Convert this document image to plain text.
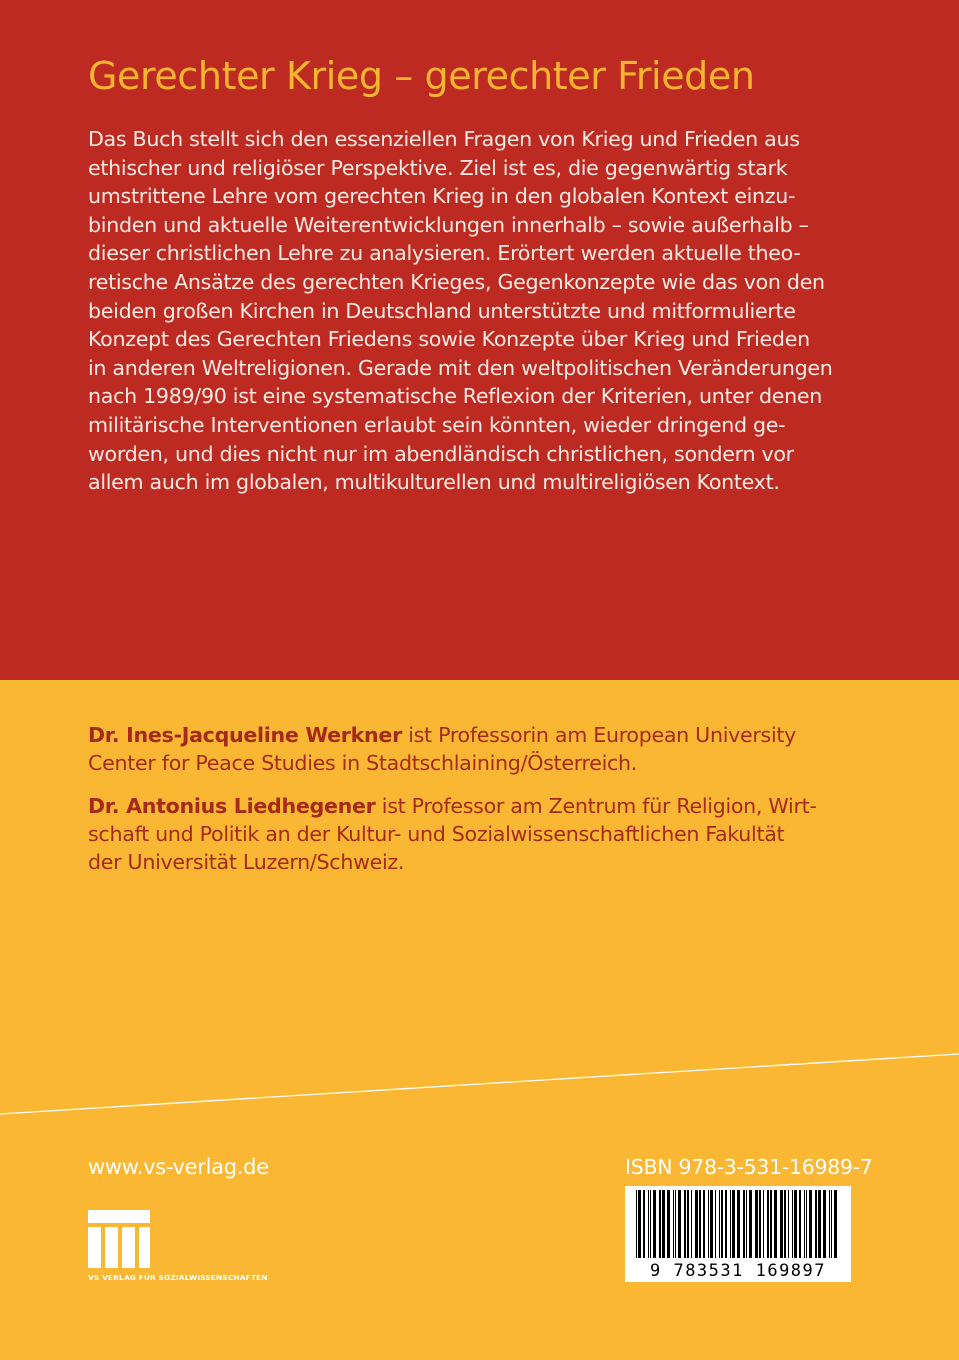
Gerechter Krieg – gerechter Frieden

Das Buch stellt sich den essenziellen Fragen von Krieg und Frieden aus
ethischer und religiöser Perspektive. Ziel ist es, die gegenwärtig stark
umstrittene Lehre vom gerechten Krieg in den globalen Kontext einzu-
binden und aktuelle Weiterentwicklungen innerhalb – sowie außerhalb –
dieser christlichen Lehre zu analysieren. Erörtert werden aktuelle theo-
retische Ansätze des gerechten Krieges, Gegenkonzepte wie das von den
beiden großen Kirchen in Deutschland unterstützte und mitformulierte
Konzept des Gerechten Friedens sowie Konzepte über Krieg und Frieden
in anderen Weltreligionen. Gerade mit den weltpolitischen Veränderungen
nach 1989/90 ist eine systematische Reflexion der Kriterien, unter denen
militärische Interventionen erlaubt sein könnten, wieder dringend ge-
worden, und dies nicht nur im abendländisch christlichen, sondern vor
allem auch im globalen, multikulturellen und multireligiösen Kontext.

Dr. Ines-Jacqueline Werkner ist Professorin am European University
Center for Peace Studies in Stadtschlaining/Österreich.
Dr. Antonius Liedhegener ist Professor am Zentrum für Religion, Wirt-
schaft und Politik an der Kultur- und Sozialwissenschaftlichen Fakultät
der Universität Luzern/Schweiz.
www.vs-verlag.de
VS VERLAG FÜR SOZIALWISSENSCHAFTEN
ISBN 978-3-531-16989-7
9 783531 169897
